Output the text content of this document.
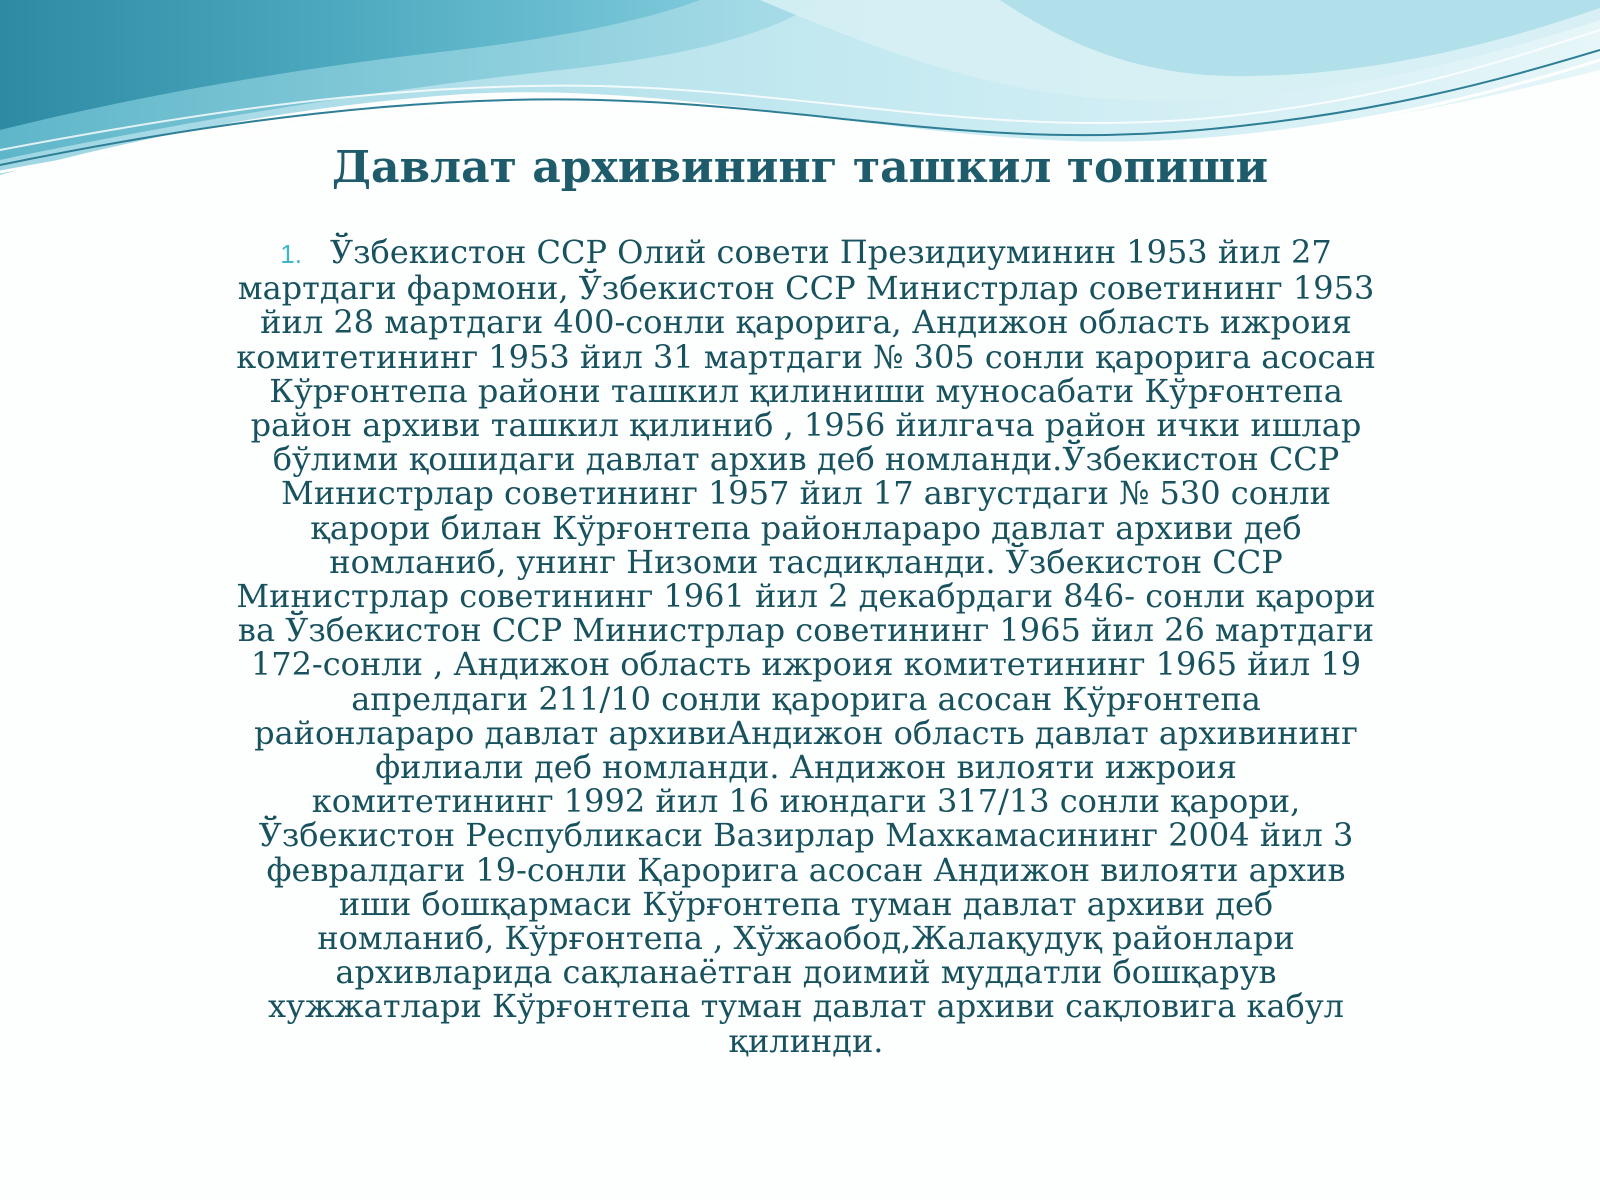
Давлат архивининг ташкил топиши

1. Ўзбекистон ССР Олий совети Президиуминин 1953 йил 27
мартдаги фармони, Ўзбекистон ССР Министрлар советининг 1953
йил 28 мартдаги 400-сонли қарорига, Андижон область ижроия
комитетининг 1953 йил 31 мартдаги № 305 сонли қарорига асосан
Кўрғонтепа райони ташкил қилиниши муносабати Кўрғонтепа
район архиви ташкил қилиниб , 1956 йилгача район ички ишлар
бўлими қошидаги давлат архив деб номланди.Ўзбекистон ССР
Министрлар советининг 1957 йил 17 августдаги № 530 сонли
қарори билан Кўрғонтепа районлараро давлат архиви деб
номланиб, унинг Низоми тасдиқланди. Ўзбекистон ССР
Министрлар советининг 1961 йил 2 декабрдаги 846- сонли қарори
ва Ўзбекистон ССР Министрлар советининг 1965 йил 26 мартдаги
172-сонли , Андижон область ижроия комитетининг 1965 йил 19
апрелдаги 211/10 сонли қарорига асосан Кўрғонтепа
районлараро давлат архивиАндижон область давлат архивининг
филиали деб номланди. Андижон вилояти ижроия
комитетининг 1992 йил 16 июндаги 317/13 сонли қарори,
Ўзбекистон Республикаси Вазирлар Махкамасининг 2004 йил 3
февралдаги 19-сонли Қарорига асосан Андижон вилояти архив
иши бошқармаси Кўрғонтепа туман давлат архиви деб
номланиб, Кўрғонтепа , Хўжаобод,Жалақудуқ районлари
архивларида сақланаётган доимий муддатли бошқарув
хужжатлари Кўрғонтепа туман давлат архиви сақловига кабул
қилинди.
